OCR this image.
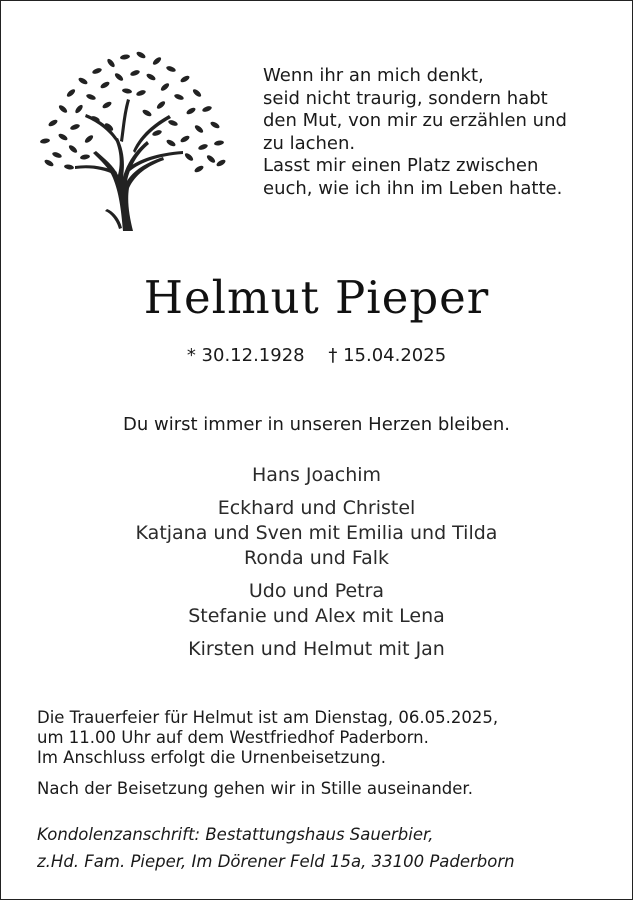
Wenn ihr an mich denkt,
seid nicht traurig, sondern habt
den Mut, von mir zu erzählen und
zu lachen.
Lasst mir einen Platz zwischen
euch, wie ich ihn im Leben hatte.
Helmut Pieper
* 30.12.1928 † 15.04.2025
Du wirst immer in unseren Herzen bleiben.
Hans Joachim
Eckhard und Christel
Katjana und Sven mit Emilia und Tilda
Ronda und Falk
Udo und Petra
Stefanie und Alex mit Lena
Kirsten und Helmut mit Jan
Die Trauerfeier für Helmut ist am Dienstag, 06.05.2025,
um 11.00 Uhr auf dem Westfriedhof Paderborn.
Im Anschluss erfolgt die Urnenbeisetzung.
Nach der Beisetzung gehen wir in Stille auseinander.
Kondolenzanschrift: Bestattungshaus Sauerbier,
z.Hd. Fam. Pieper, Im Dörener Feld 15a, 33100 Paderborn
